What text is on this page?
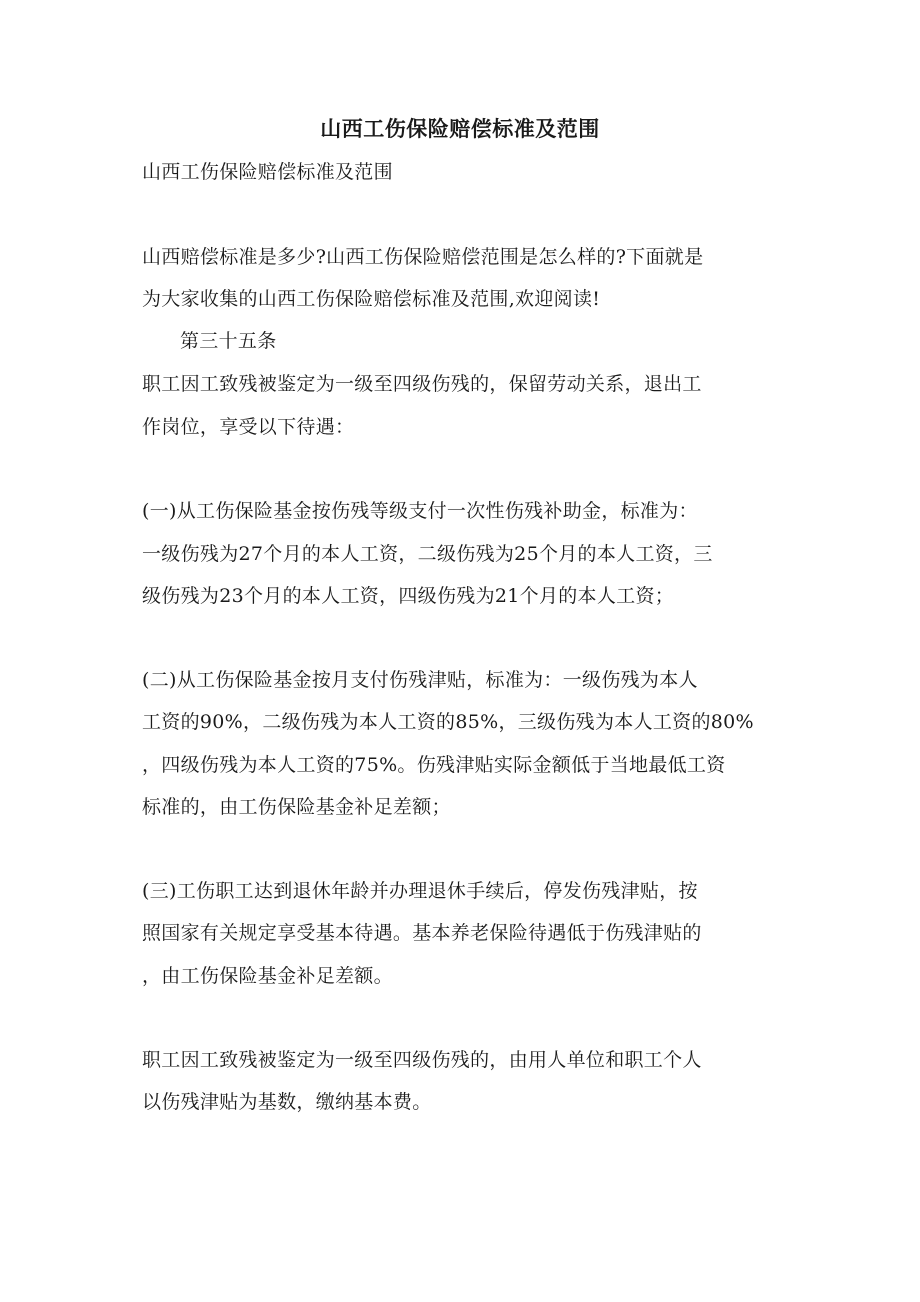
山西工伤保险赔偿标准及范围
山西工伤保险赔偿标准及范围
山西赔偿标准是多少?山西工伤保险赔偿范围是怎么样的?下面就是
为大家收集的山西工伤保险赔偿标准及范围,欢迎阅读!
第三十五条
职工因工致残被鉴定为一级至四级伤残的，保留劳动关系，退出工
作岗位，享受以下待遇：
(一)从工伤保险基金按伤残等级支付一次性伤残补助金，标准为：
一级伤残为27个月的本人工资，二级伤残为25个月的本人工资，三
级伤残为23个月的本人工资，四级伤残为21个月的本人工资；
(二)从工伤保险基金按月支付伤残津贴，标准为：一级伤残为本人
工资的90%，二级伤残为本人工资的85%，三级伤残为本人工资的80%
，四级伤残为本人工资的75%。伤残津贴实际金额低于当地最低工资
标准的，由工伤保险基金补足差额；
(三)工伤职工达到退休年龄并办理退休手续后，停发伤残津贴，按
照国家有关规定享受基本待遇。基本养老保险待遇低于伤残津贴的
，由工伤保险基金补足差额。
职工因工致残被鉴定为一级至四级伤残的，由用人单位和职工个人
以伤残津贴为基数，缴纳基本费。
